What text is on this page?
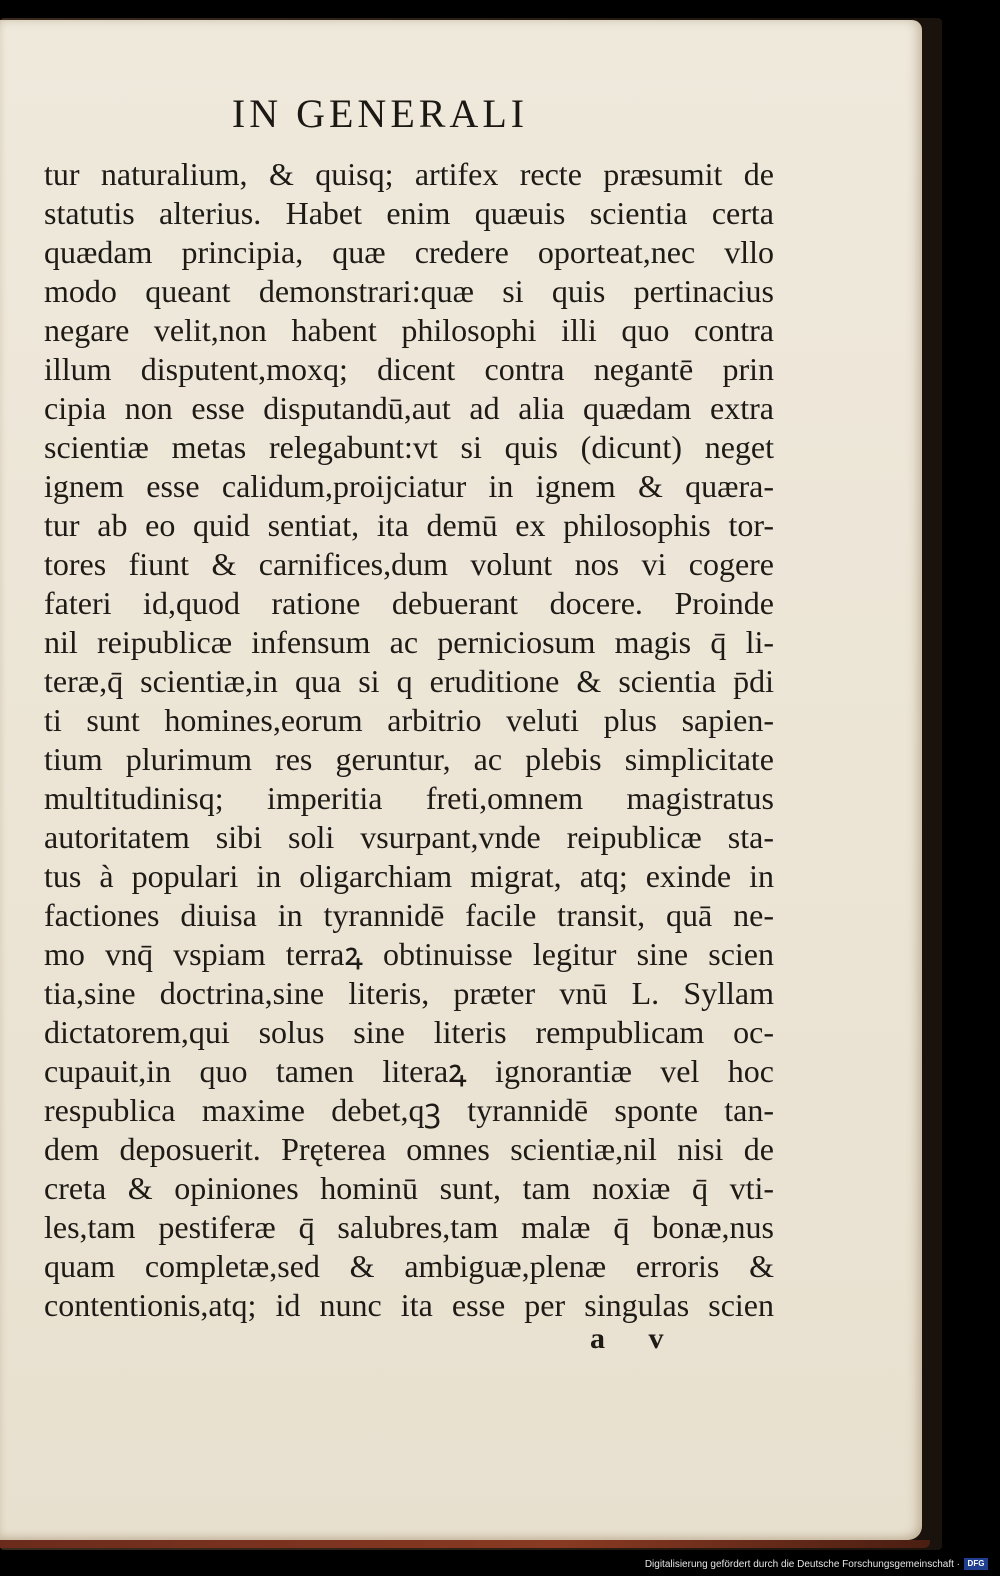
IN GENERALI
tur naturalium, & quisq; artifex recte præsumit de
statutis alterius. Habet enim quæuis scientia certa
quædam principia, quæ credere oporteat,nec vllo
modo queant demonstrari:quæ si quis pertinacius
negare velit,non habent philosophi illi quo contra
illum disputent,moxq; dicent contra negantē prin
cipia non esse disputandū,aut ad alia quædam extra
scientiæ metas relegabunt:vt si quis (dicunt) neget
ignem esse calidum,proijciatur in ignem & quæra-
tur ab eo quid sentiat, ita demū ex philosophis tor-
tores fiunt & carnifices,dum volunt nos vi cogere
fateri id,quod ratione debuerant docere. Proinde
nil reipublicæ infensum ac perniciosum magis q̄ li-
teræ,q̄ scientiæ,in qua si q eruditione & scientia p̄di
ti sunt homines,eorum arbitrio veluti plus sapien-
tium plurimum res geruntur, ac plebis simplicitate
multitudinisq; imperitia freti,omnem magistratus
autoritatem sibi soli vsurpant,vnde reipublicæ sta-
tus à populari in oligarchiam migrat, atq; exinde in
factiones diuisa in tyrannidē facile transit, quā ne-
mo vnq̄ vspiam terraꝝ obtinuisse legitur sine scien
tia,sine doctrina,sine literis, præter vnū L. Syllam
dictatorem,qui solus sine literis rempublicam oc-
cupauit,in quo tamen literaꝝ ignorantiæ vel hoc
respublica maxime debet,qꝫ tyrannidē sponte tan-
dem deposuerit. Pręterea omnes scientiæ,nil nisi de
creta & opiniones hominū sunt, tam noxiæ q̄ vti-
les,tam pestiferæ q̄ salubres,tam malæ q̄ bonæ,nus
quam completæ,sed & ambiguæ,plenæ erroris &
contentionis,atq; id nunc ita esse per singulas scien
a v
Digitalisierung gefördert durch die Deutsche Forschungsgemeinschaft · DFG
